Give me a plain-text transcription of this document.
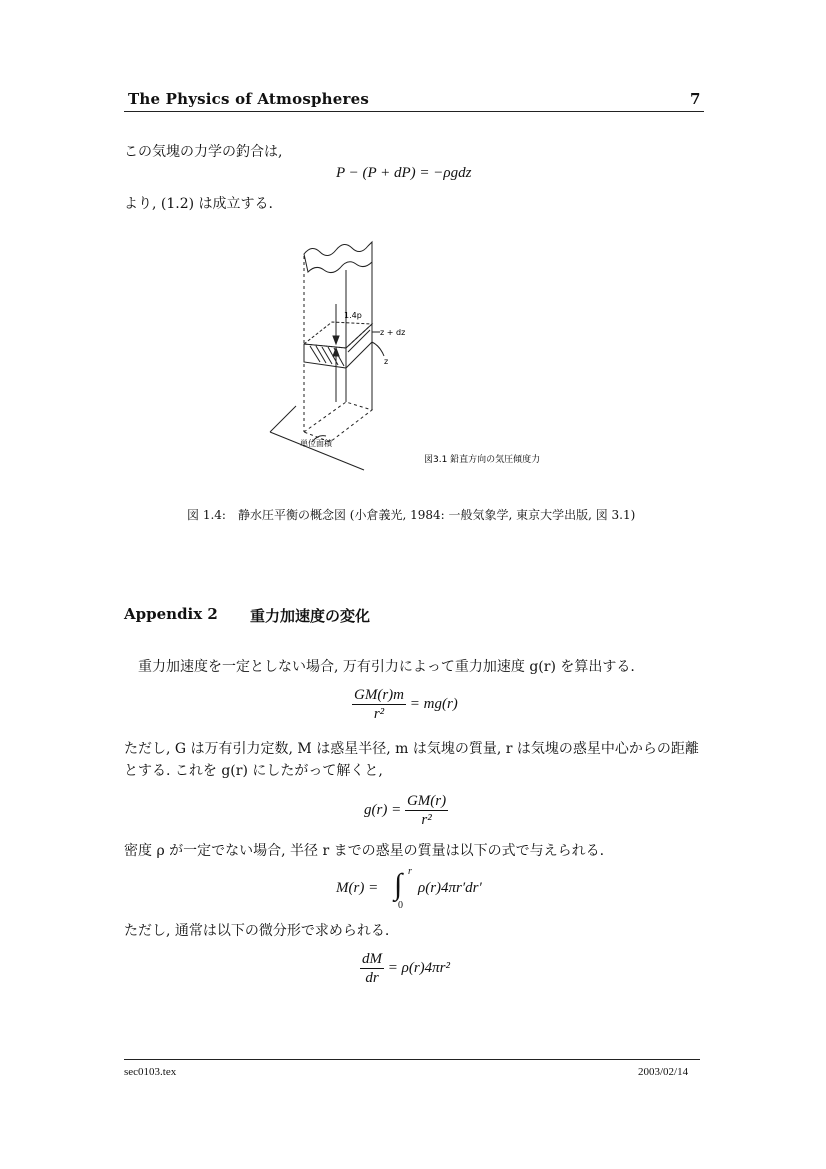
The Physics of Atmospheres	7
この気塊の力学の釣合は,
P − (P + dP) = −ρgdz
より, (1.2) は成立する.
1.4p
z + dz
z
単位面積
図3.1 鉛直方向の気圧傾度力
図 1.4:　静水圧平衡の概念図 (小倉義光, 1984: 一般気象学, 東京大学出版, 図 3.1)
Appendix 2 重力加速度の変化
重力加速度を一定としない場合, 万有引力によって重力加速度 g(r) を算出する.
$\frac{GM(r)m}{\text{r²}} = mg(r)$
ただし, G は万有引力定数, M は惑星半径, m は気塊の質量, r は気塊の惑星中心からの距離とする. これを g(r) にしたがって解くと,
$g(r) = \frac{GM(r)}{\text{r²}}$
密度 ρ が一定でない場合, 半径 r までの惑星の質量は以下の式で与えられる.
M(r) = ∫ r
0
ρ(r)4πr′dr′
ただし, 通常は以下の微分形で求められる.
$\frac{dM}{dr} = \rho(r)4\pi r^2$
sec0103.tex	2003/02/14
